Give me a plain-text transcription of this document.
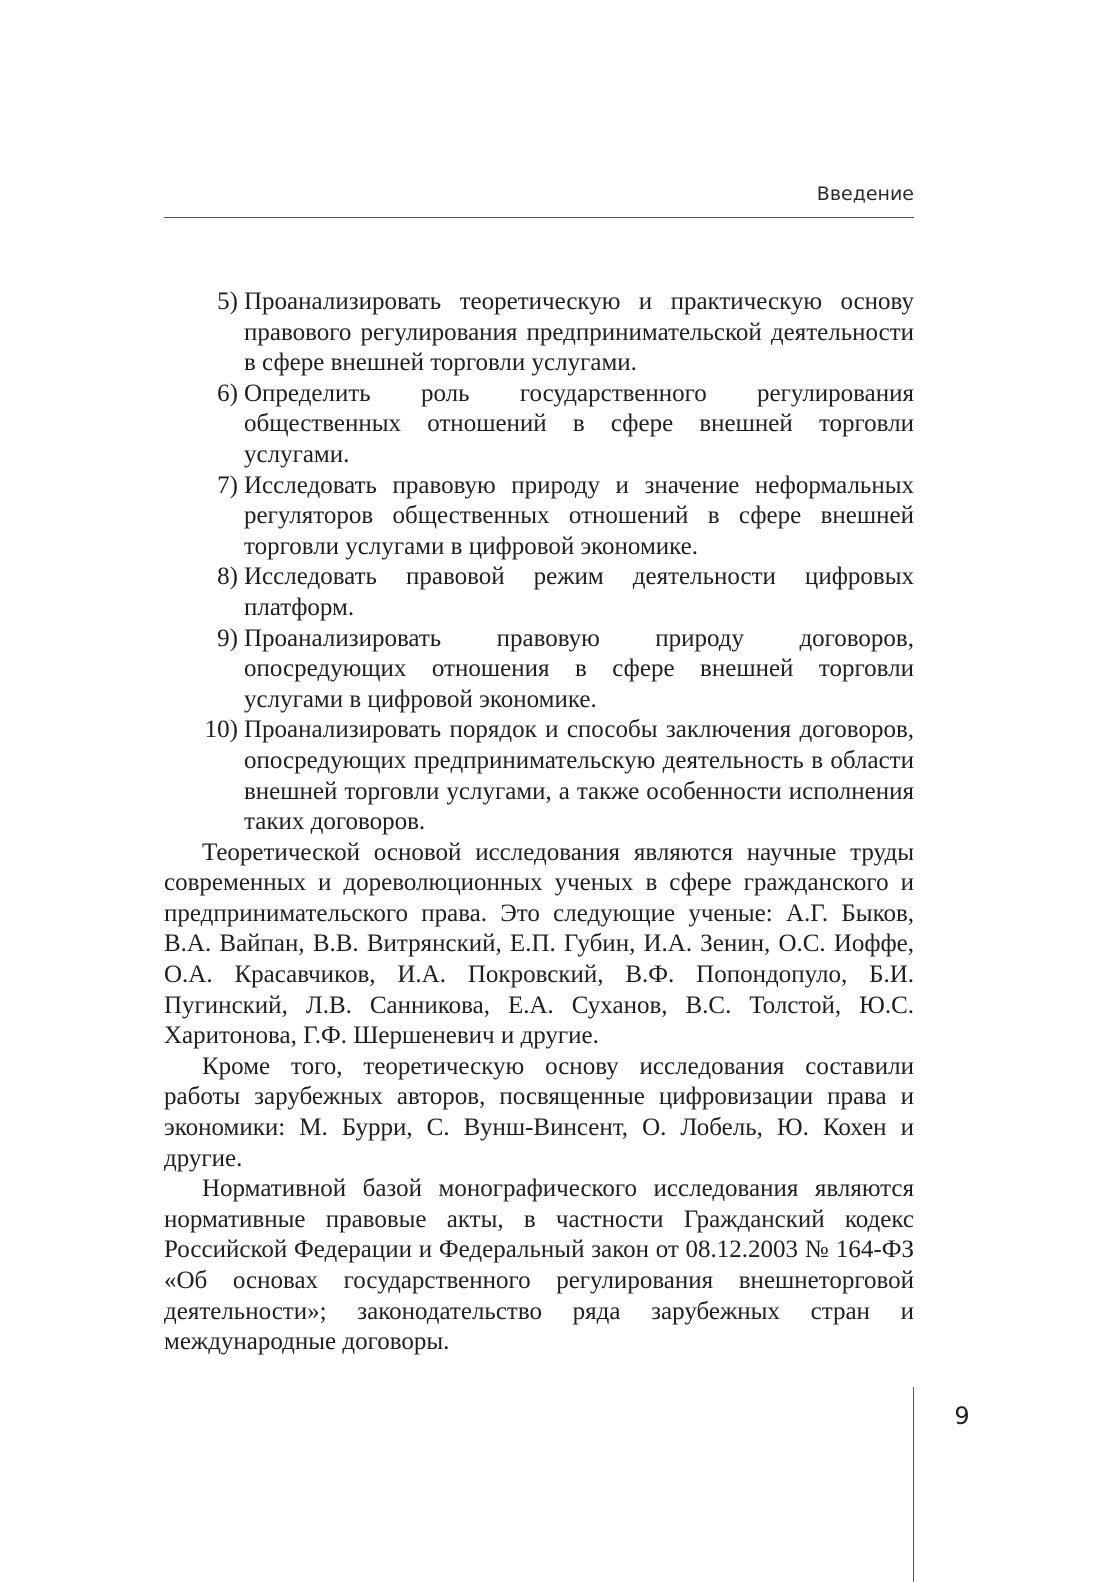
Введение
5) Проанализировать теоретическую и практическую основу правового регулирования предпринимательской деятельности в сфере внешней торговли услугами.
6) Определить роль государственного регулирования общественных отношений в сфере внешней торговли услугами.
7) Исследовать правовую природу и значение неформальных регуляторов общественных отношений в сфере внешней торговли услугами в цифровой экономике.
8) Исследовать правовой режим деятельности цифровых платформ.
9) Проанализировать правовую природу договоров, опосредующих отношения в сфере внешней торговли услугами в цифровой экономике.
10) Проанализировать порядок и способы заключения договоров, опосредующих предпринимательскую деятельность в области внешней торговли услугами, а также особенности исполнения таких договоров.

Теоретической основой исследования являются научные труды современных и дореволюционных ученых в сфере гражданского и предпринимательского права. Это следующие ученые: А.Г. Быков, В.А. Вайпан, В.В. Витрянский, Е.П. Губин, И.А. Зенин, О.С. Иоффе, О.А. Красавчиков, И.А. Покровский, В.Ф. Попондопуло, Б.И. Пугинский, Л.В. Санникова, Е.А. Суханов, В.С. Толстой, Ю.С. Харитонова, Г.Ф. Шершеневич и другие.

Кроме того, теоретическую основу исследования составили работы зарубежных авторов, посвященные цифровизации права и экономики: М. Бурри, С. Вунш-Винсент, О. Лобель, Ю. Кохен и другие.

Нормативной базой монографического исследования являются нормативные правовые акты, в частности Гражданский кодекс Российской Федерации и Федеральный закон от 08.12.2003 № 164-ФЗ «Об основах государственного регулирования внешнеторговой деятельности»; законодательство ряда зарубежных стран и международные договоры.

9
